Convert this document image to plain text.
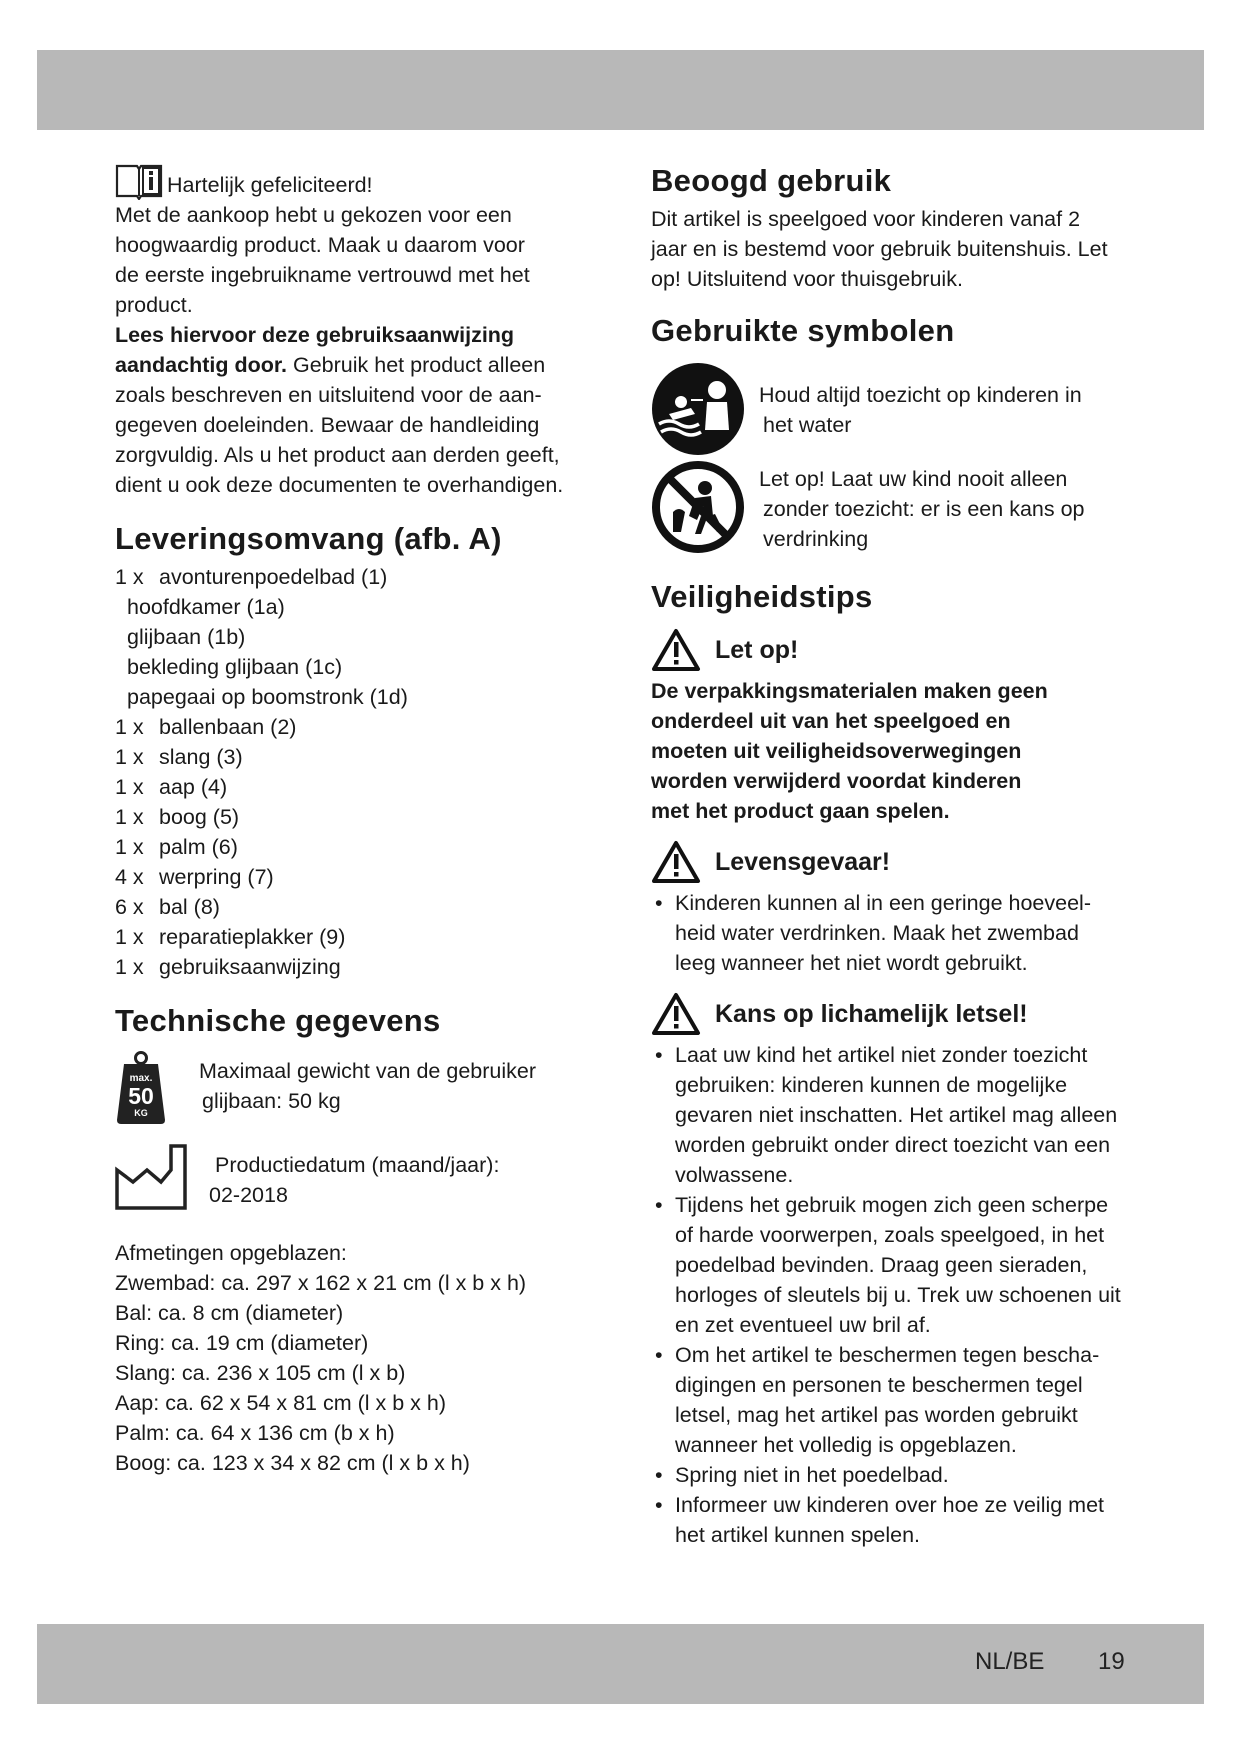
Hartelijk gefeliciteerd!

Met de aankoop hebt u gekozen voor een

hoogwaardig product. Maak u daarom voor

de eerste ingebruikname vertrouwd met het

product.

Lees hiervoor deze gebruiksaanwijzing

aandachtig door. Gebruik het product alleen

zoals beschreven en uitsluitend voor de aan-

gegeven doeleinden. Bewaar de handleiding

zorgvuldig. Als u het product aan derden geeft,

dient u ook deze documenten te overhandigen.

Leveringsomvang (afb. A)
1 x avonturenpoedelbad (1)
hoofdkamer (1a)
glijbaan (1b)
bekleding glijbaan (1c)
papegaai op boomstronk (1d)
1 x ballenbaan (2)
1 x slang (3)
1 x aap (4)
1 x boog (5)
1 x palm (6)
4 x werpring (7)
6 x bal (8)
1 x reparatieplakker (9)
1 x gebruiksaanwijzing
Technische gegevens
max.
50
KG

Maximaal gewicht van de gebruiker

glijbaan: 50 kg

Productiedatum (maand/jaar):

02-2018

Afmetingen opgeblazen:

Zwembad: ca. 297 x 162 x 21 cm (l x b x h)

Bal: ca. 8 cm (diameter)

Ring: ca. 19 cm (diameter)

Slang: ca. 236 x 105 cm (l x b)

Aap: ca. 62 x 54 x 81 cm (l x b x h)

Palm: ca. 64 x 136 cm (b x h)

Boog: ca. 123 x 34 x 82 cm (l x b x h)

Beoogd gebruik

Dit artikel is speelgoed voor kinderen vanaf 2

jaar en is bestemd voor gebruik buitenshuis. Let

op! Uitsluitend voor thuisgebruik.

Gebruikte symbolen

Houd altijd toezicht op kinderen in

het water

Let op! Laat uw kind nooit alleen

zonder toezicht: er is een kans op

verdrinking

Veiligheidstips
Let op!

De verpakkingsmaterialen maken geen

onderdeel uit van het speelgoed en

moeten uit veiligheidsoverwegingen

worden verwijderd voordat kinderen

met het product gaan spelen.

Levensgevaar!
• Kinderen kunnen al in een geringe hoeveel-
heid water verdrinken. Maak het zwembad
leeg wanneer het niet wordt gebruikt.
Kans op lichamelijk letsel!
• Laat uw kind het artikel niet zonder toezicht
gebruiken: kinderen kunnen de mogelijke
gevaren niet inschatten. Het artikel mag alleen
worden gebruikt onder direct toezicht van een
volwassene.
• Tijdens het gebruik mogen zich geen scherpe
of harde voorwerpen, zoals speelgoed, in het
poedelbad bevinden. Draag geen sieraden,
horloges of sleutels bij u. Trek uw schoenen uit
en zet eventueel uw bril af.
• Om het artikel te beschermen tegen bescha-
digingen en personen te beschermen tegel
letsel, mag het artikel pas worden gebruikt
wanneer het volledig is opgeblazen.
• Spring niet in het poedelbad.
• Informeer uw kinderen over hoe ze veilig met
het artikel kunnen spelen.
NL/BE 19
